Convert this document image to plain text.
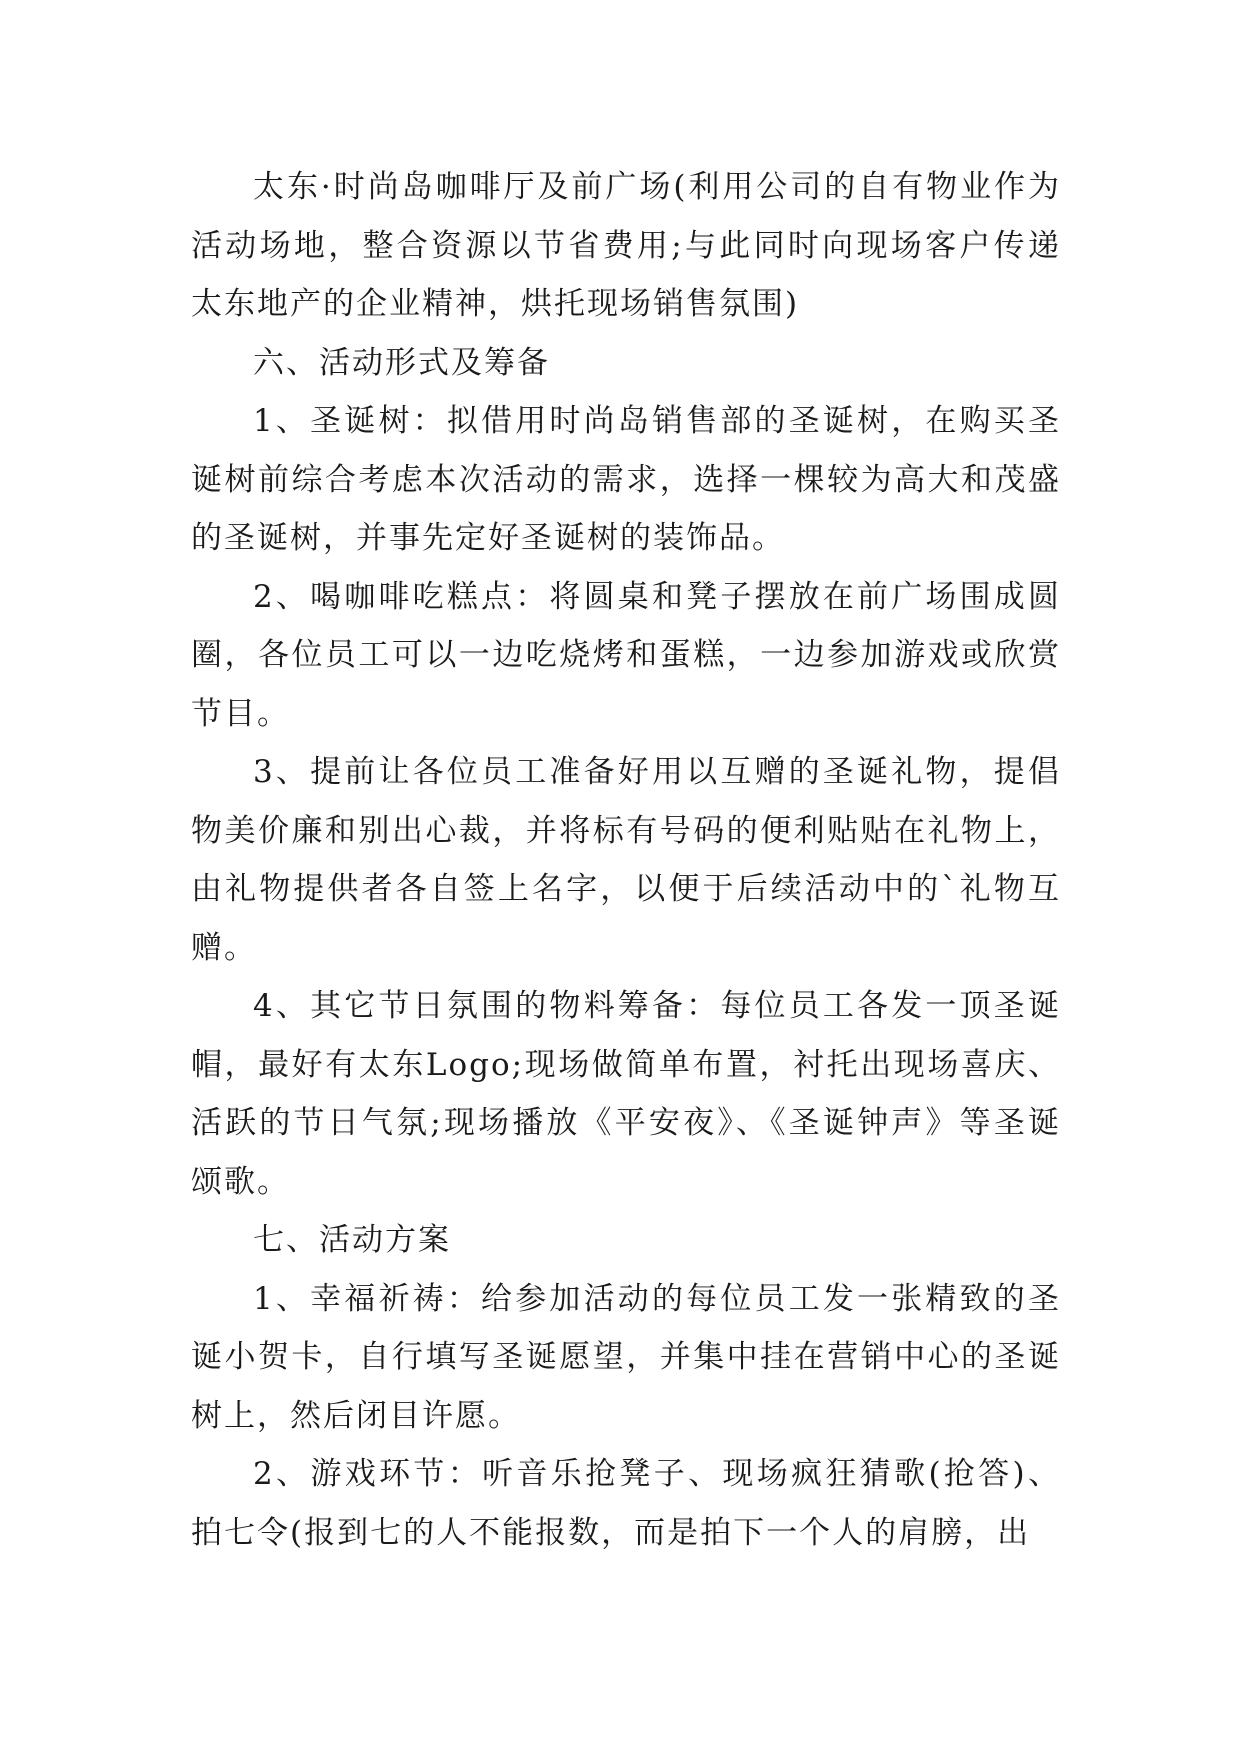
太东·时尚岛咖啡厅及前广场(利用公司的自有物业作为活动场地，整合资源以节省费用;与此同时向现场客户传递太东地产的企业精神，烘托现场销售氛围)

六、活动形式及筹备

1、圣诞树：拟借用时尚岛销售部的圣诞树，在购买圣诞树前综合考虑本次活动的需求，选择一棵较为高大和茂盛的圣诞树，并事先定好圣诞树的装饰品。

2、喝咖啡吃糕点：将圆桌和凳子摆放在前广场围成圆圈，各位员工可以一边吃烧烤和蛋糕，一边参加游戏或欣赏节目。

3、提前让各位员工准备好用以互赠的圣诞礼物，提倡物美价廉和别出心裁，并将标有号码的便利贴贴在礼物上，由礼物提供者各自签上名字，以便于后续活动中的`礼物互赠。

4、其它节日氛围的物料筹备：每位员工各发一顶圣诞帽，最好有太东Logo;现场做简单布置，衬托出现场喜庆、活跃的节日气氛;现场播放《平安夜》、《圣诞钟声》等圣诞颂歌。

七、活动方案

1、幸福祈祷：给参加活动的每位员工发一张精致的圣诞小贺卡，自行填写圣诞愿望，并集中挂在营销中心的圣诞树上，然后闭目许愿。

2、游戏环节：听音乐抢凳子、现场疯狂猜歌(抢答)、拍七令(报到七的人不能报数，而是拍下一个人的肩膀，出
